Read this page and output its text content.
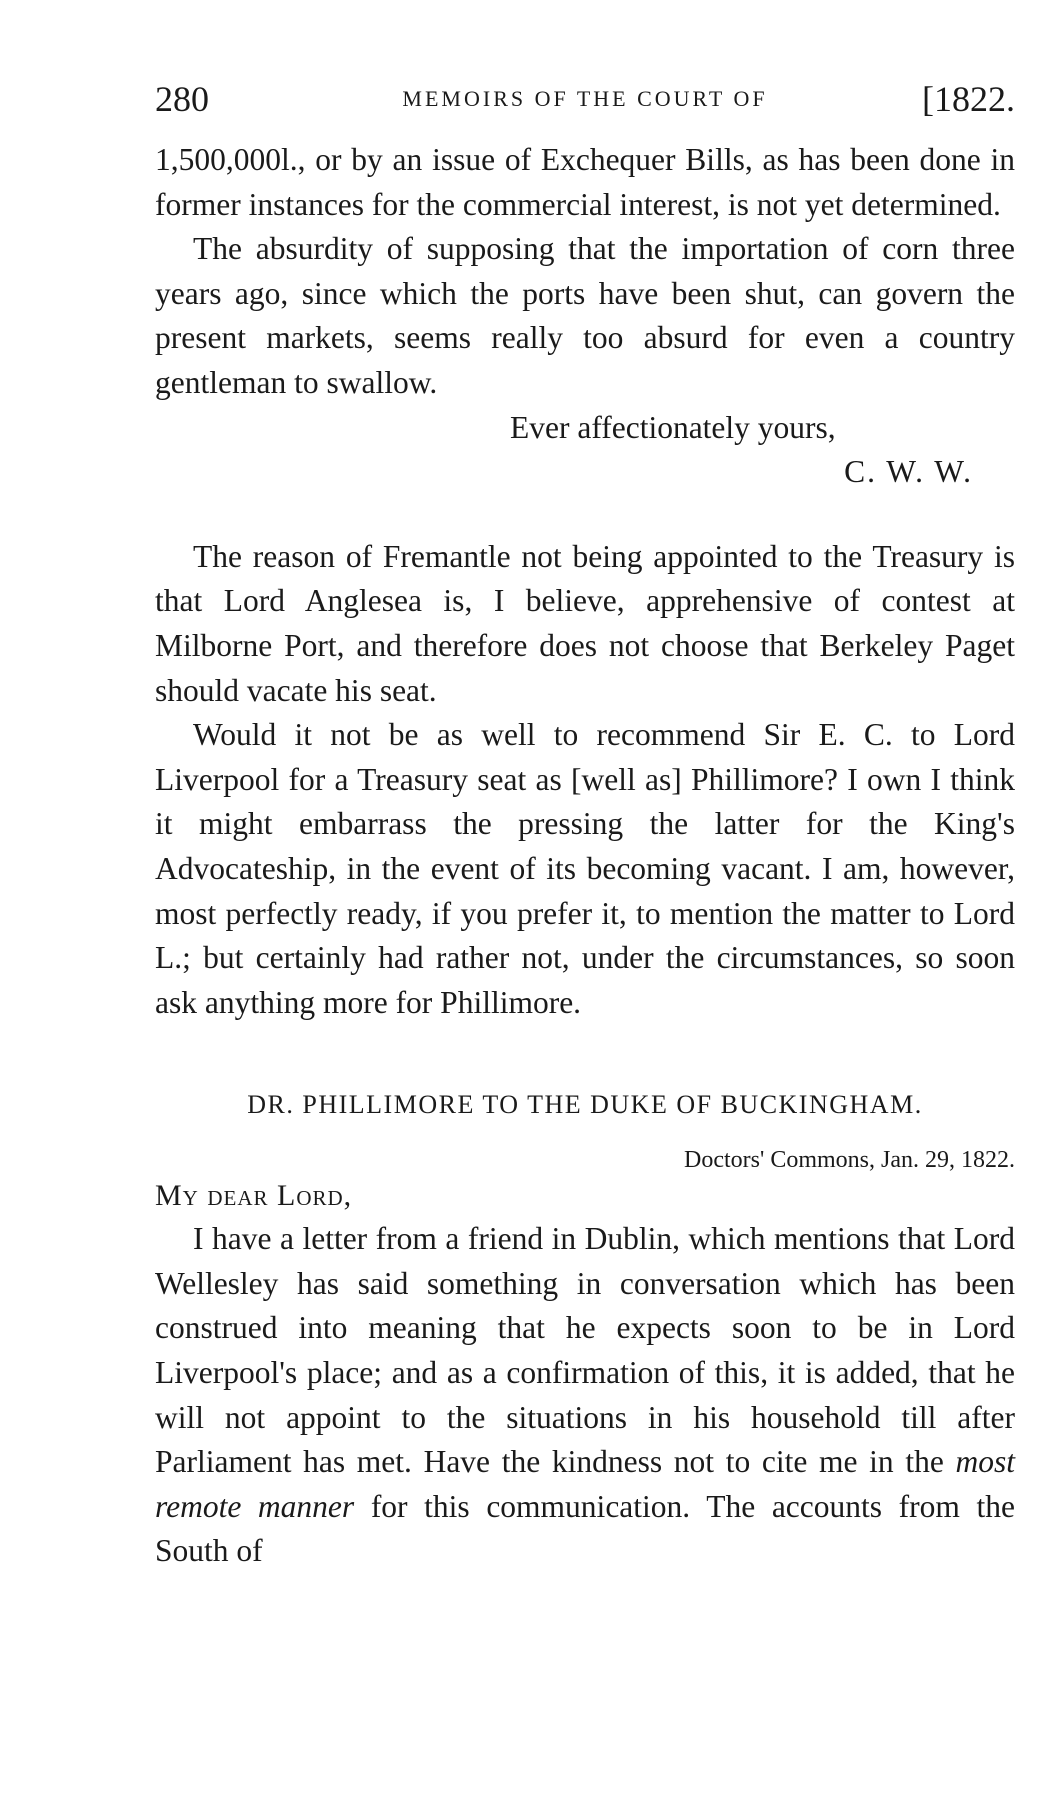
280	MEMOIRS OF THE COURT OF	[1822.

1,500,000l., or by an issue of Exchequer Bills, as has been done in former instances for the commercial interest, is not yet determined.

The absurdity of supposing that the importation of corn three years ago, since which the ports have been shut, can govern the present markets, seems really too absurd for even a country gentleman to swallow.

Ever affectionately yours,
C. W. W.

The reason of Fremantle not being appointed to the Treasury is that Lord Anglesea is, I believe, apprehensive of contest at Milborne Port, and therefore does not choose that Berkeley Paget should vacate his seat.

Would it not be as well to recommend Sir E. C. to Lord Liverpool for a Treasury seat as [well as] Phillimore? I own I think it might embarrass the pressing the latter for the King's Advocateship, in the event of its becoming vacant. I am, however, most perfectly ready, if you prefer it, to mention the matter to Lord L.; but certainly had rather not, under the circumstances, so soon ask anything more for Phillimore.

DR. PHILLIMORE TO THE DUKE OF BUCKINGHAM.
Doctors' Commons, Jan. 29, 1822.
My dear Lord,

I have a letter from a friend in Dublin, which mentions that Lord Wellesley has said something in conversation which has been construed into meaning that he expects soon to be in Lord Liverpool's place; and as a confirmation of this, it is added, that he will not appoint to the situations in his household till after Parliament has met. Have the kindness not to cite me in the most remote manner for this communication. The accounts from the South of
